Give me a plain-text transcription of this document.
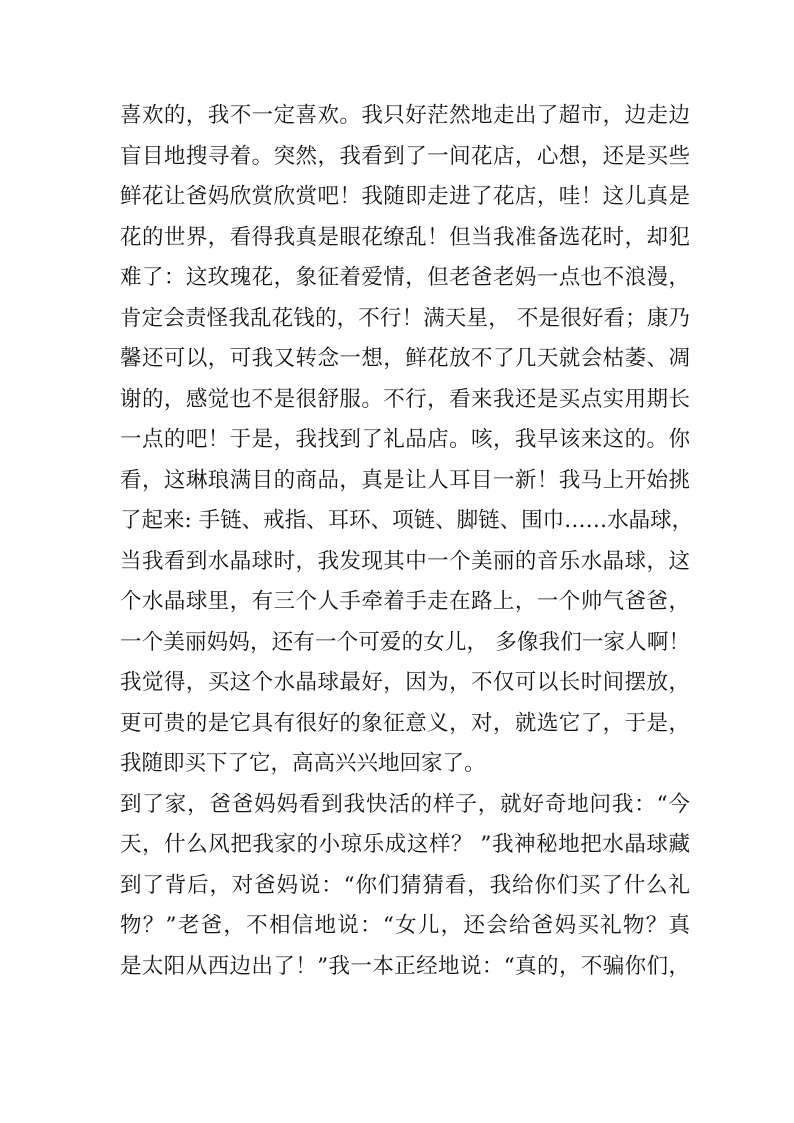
喜欢的，我不一定喜欢。我只好茫然地走出了超市，边走边
盲目地搜寻着。突然，我看到了一间花店，心想，还是买些
鲜花让爸妈欣赏欣赏吧！我随即走进了花店，哇！这儿真是
花的世界，看得我真是眼花缭乱！但当我准备选花时，却犯
难了：这玫瑰花，象征着爱情，但老爸老妈一点也不浪漫，
肯定会责怪我乱花钱的，不行！满天星， 不是很好看；康乃
馨还可以，可我又转念一想，鲜花放不了几天就会枯萎、凋
谢的，感觉也不是很舒服。不行，看来我还是买点实用期长
一点的吧！于是，我找到了礼品店。咳，我早该来这的。你
看，这琳琅满目的商品，真是让人耳目一新！我马上开始挑
了起来: 手链、戒指、耳环、项链、脚链、围巾……水晶球，
当我看到水晶球时，我发现其中一个美丽的音乐水晶球，这
个水晶球里，有三个人手牵着手走在路上，一个帅气爸爸，
一个美丽妈妈，还有一个可爱的女儿， 多像我们一家人啊！
我觉得，买这个水晶球最好，因为，不仅可以长时间摆放，
更可贵的是它具有很好的象征意义，对，就选它了，于是，
我随即买下了它，高高兴兴地回家了。
到了家，爸爸妈妈看到我快活的样子，就好奇地问我：“今
天，什么风把我家的小琼乐成这样？ ”我神秘地把水晶球藏
到了背后，对爸妈说：“你们猜猜看，我给你们买了什么礼
物？”老爸，不相信地说：“女儿，还会给爸妈买礼物？真
是太阳从西边出了！”我一本正经地说：“真的，不骗你们，
